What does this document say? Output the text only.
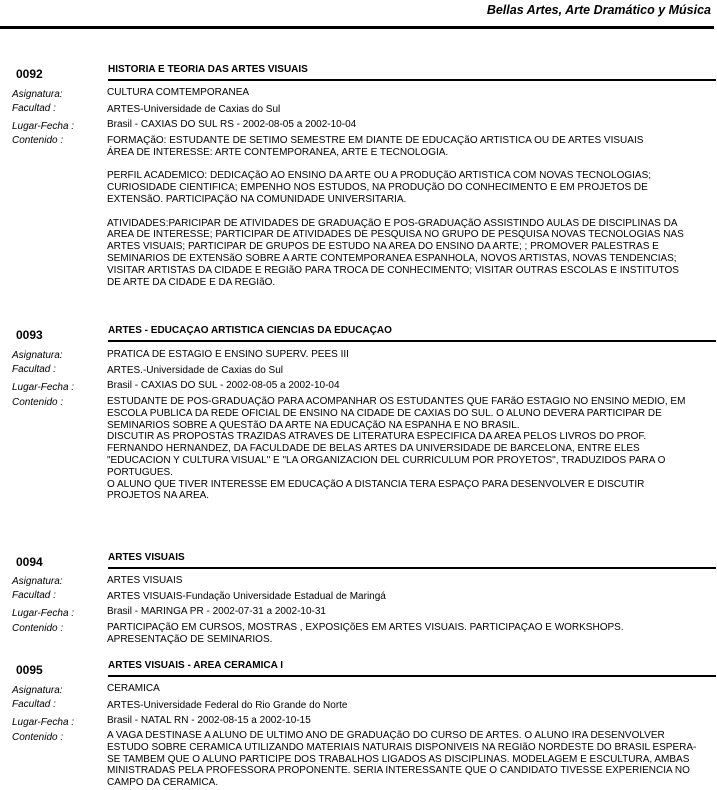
Bellas Artes, Arte Dramático y Música
0092	HISTORIA E TEORIA DAS ARTES VISUAIS
Asignatura:	CULTURA COMTEMPORANEA
Facultad :	ARTES-Universidade de Caxias do Sul
Lugar-Fecha :	Brasil - CAXIAS DO SUL RS - 2002-08-05 a 2002-10-04
Contenido :	FORMAÇãO: ESTUDANTE DE SETIMO SEMESTRE EM DIANTE DE EDUCAÇãO ARTISTICA OU DE ARTES VISUAIS
ÁREA DE INTERESSE: ARTE CONTEMPORANEA, ARTE E TECNOLOGIA.

PERFIL ACADEMICO: DEDICAÇãO AO ENSINO DA ARTE OU A PRODUÇãO ARTISTICA COM NOVAS TECNOLOGIAS;
CURIOSIDADE CIENTIFICA; EMPENHO NOS ESTUDOS, NA PRODUÇãO DO CONHECIMENTO E EM PROJETOS DE
EXTENSãO. PARTICIPAÇãO NA COMUNIDADE UNIVERSITARIA.

ATIVIDADES:PARICIPAR DE ATIVIDADES DE GRADUAÇãO E POS-GRADUAÇãO ASSISTINDO AULAS DE DISCIPLINAS DA
AREA DE INTERESSE; PARTICIPAR DE ATIVIDADES DE PESQUISA NO GRUPO DE PESQUISA NOVAS TECNOLOGIAS NAS
ARTES VISUAIS; PARTICIPAR DE GRUPOS DE ESTUDO NA AREA DO ENSINO DA ARTE; ; PROMOVER PALESTRAS E
SEMINARIOS DE EXTENSãO SOBRE A ARTE CONTEMPORANEA ESPANHOLA, NOVOS ARTISTAS, NOVAS TENDENCIAS;
VISITAR ARTISTAS DA CIDADE E REGIãO PARA TROCA DE CONHECIMENTO; VISITAR OUTRAS ESCOLAS E INSTITUTOS
DE ARTE DA CIDADE E DA REGIãO.
0093	ARTES - EDUCAÇAO ARTISTICA CIENCIAS DA EDUCAÇAO
Asignatura:	PRATICA DE ESTAGIO E ENSINO SUPERV. PEES III
Facultad :	ARTES.-Universidade de Caxias do Sul
Lugar-Fecha :	Brasil - CAXIAS DO SUL - 2002-08-05 a 2002-10-04
Contenido :	ESTUDANTE DE POS-GRADUAÇãO PARA ACOMPANHAR OS ESTUDANTES QUE FARãO ESTAGIO NO ENSINO MEDIO, EM
ESCOLA PUBLICA DA REDE OFICIAL DE ENSINO NA CIDADE DE CAXIAS DO SUL. O ALUNO DEVERA PARTICIPAR DE
SEMINARIOS SOBRE A QUESTãO DA ARTE NA EDUCAÇãO NA ESPANHA E NO BRASIL.
DISCUTIR AS PROPOSTAS TRAZIDAS ATRAVES DE LITERATURA ESPECIFICA DA AREA PELOS LIVROS DO PROF.
FERNANDO HERNANDEZ, DA FACULDADE DE BELAS ARTES DA UNIVERSIDADE DE BARCELONA, ENTRE ELES
"EDUCACION Y CULTURA VISUAL" E "LA ORGANIZACION DEL CURRICULUM POR PROYETOS", TRADUZIDOS PARA O
PORTUGUES.
O ALUNO QUE TIVER INTERESSE EM EDUCAÇãO A DISTANCIA TERA ESPAÇO PARA DESENVOLVER E DISCUTIR
PROJETOS NA AREA.
0094	ARTES VISUAIS
Asignatura:	ARTES VISUAIS
Facultad :	ARTES VISUAIS-Fundação Universidade Estadual de Maringá
Lugar-Fecha :	Brasil - MARINGA PR - 2002-07-31 a 2002-10-31
Contenido :	PARTICIPAÇãO EM CURSOS, MOSTRAS , EXPOSIÇõES EM ARTES VISUAIS. PARTICIPAÇAO E WORKSHOPS.
APRESENTAÇãO DE SEMINARIOS.
0095	ARTES VISUAIS - AREA CERAMICA I
Asignatura:	CERAMICA
Facultad :	ARTES-Universidade Federal do Rio Grande do Norte
Lugar-Fecha :	Brasil - NATAL RN - 2002-08-15 a 2002-10-15
Contenido :	A VAGA DESTINASE A ALUNO DE ULTIMO ANO DE GRADUAÇãO DO CURSO DE ARTES. O ALUNO IRA DESENVOLVER
ESTUDO SOBRE CERAMICA UTILIZANDO MATERIAIS NATURAIS DISPONIVEIS NA REGIãO NORDESTE DO BRASIL ESPERA-
SE TAMBEM QUE O ALUNO PARTICIPE DOS TRABALHOS LIGADOS AS DISCIPLINAS. MODELAGEM E ESCULTURA, AMBAS
MINISTRADAS PELA PROFESSORA PROPONENTE. SERIA INTERESSANTE QUE O CANDIDATO TIVESSE EXPERIENCIA NO
CAMPO DA CERAMICA.
